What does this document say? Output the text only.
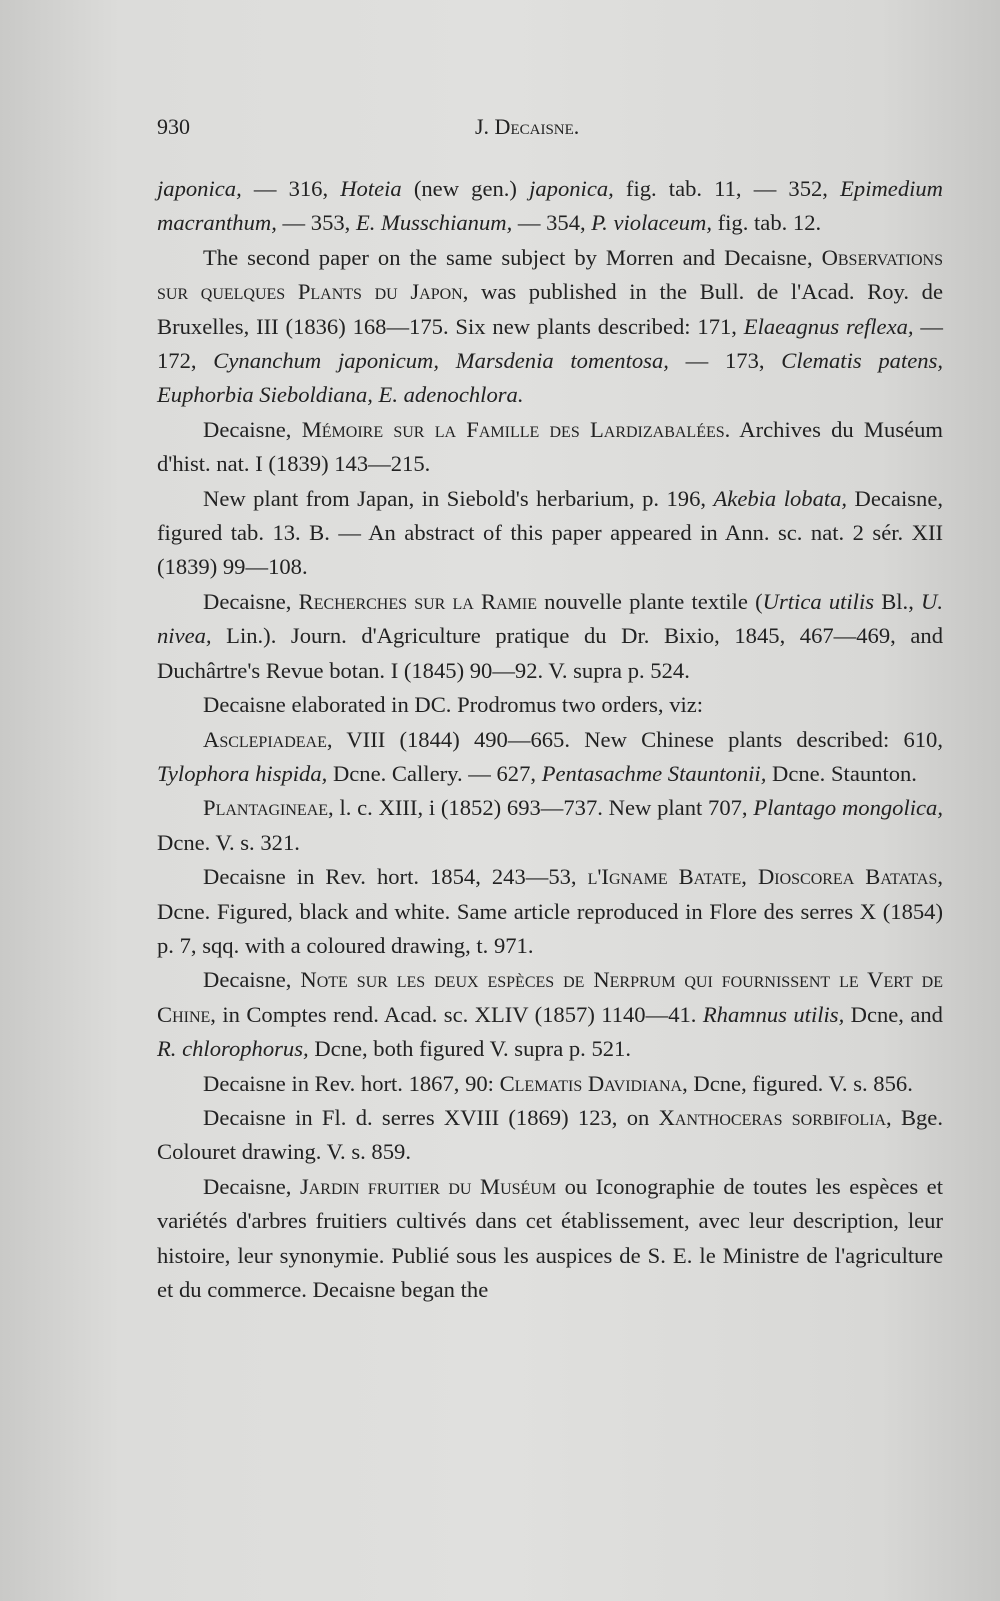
930	J. Decaisne.

japonica, — 316, Hoteia (new gen.) japonica, fig. tab. 11, — 352, Epimedium macranthum, — 353, E. Musschianum, — 354, P. violaceum, fig. tab. 12.

The second paper on the same subject by Morren and Decaisne, Observations sur quelques Plants du Japon, was published in the Bull. de l'Acad. Roy. de Bruxelles, III (1836) 168—175. Six new plants described: 171, Elaeagnus reflexa, — 172, Cynanchum japonicum, Marsdenia tomentosa, — 173, Clematis patens, Euphorbia Sieboldiana, E. adenochlora.

Decaisne, Mémoire sur la Famille des Lardizabalées. Archives du Muséum d'hist. nat. I (1839) 143—215.

New plant from Japan, in Siebold's herbarium, p. 196, Akebia lobata, Decaisne, figured tab. 13. B. — An abstract of this paper appeared in Ann. sc. nat. 2 sér. XII (1839) 99—108.

Decaisne, Recherches sur la Ramie nouvelle plante textile (Urtica utilis Bl., U. nivea, Lin.). Journ. d'Agriculture pratique du Dr. Bixio, 1845, 467—469, and Duchârtre's Revue botan. I (1845) 90—92. V. supra p. 524.

Decaisne elaborated in DC. Prodromus two orders, viz:

Asclepiadeae, VIII (1844) 490—665. New Chinese plants described: 610, Tylophora hispida, Dcne. Callery. — 627, Pentasachme Stauntonii, Dcne. Staunton.

Plantagineae, l. c. XIII, i (1852) 693—737. New plant 707, Plantago mongolica, Dcne. V. s. 321.

Decaisne in Rev. hort. 1854, 243—53, l'Igname Batate, Dioscorea Batatas, Dcne. Figured, black and white. Same article reproduced in Flore des serres X (1854) p. 7, sqq. with a coloured drawing, t. 971.

Decaisne, Note sur les deux espèces de Nerprum qui fournissent le Vert de Chine, in Comptes rend. Acad. sc. XLIV (1857) 1140—41. Rhamnus utilis, Dcne, and R. chlorophorus, Dcne, both figured V. supra p. 521.

Decaisne in Rev. hort. 1867, 90: Clematis Davidiana, Dcne, figured. V. s. 856.

Decaisne in Fl. d. serres XVIII (1869) 123, on Xanthoceras sorbifolia, Bge. Colouret drawing. V. s. 859.

Decaisne, Jardin fruitier du Muséum ou Iconographie de toutes les espèces et variétés d'arbres fruitiers cultivés dans cet établissement, avec leur description, leur histoire, leur synonymie. Publié sous les auspices de S. E. le Ministre de l'agriculture et du commerce. Decaisne began the
